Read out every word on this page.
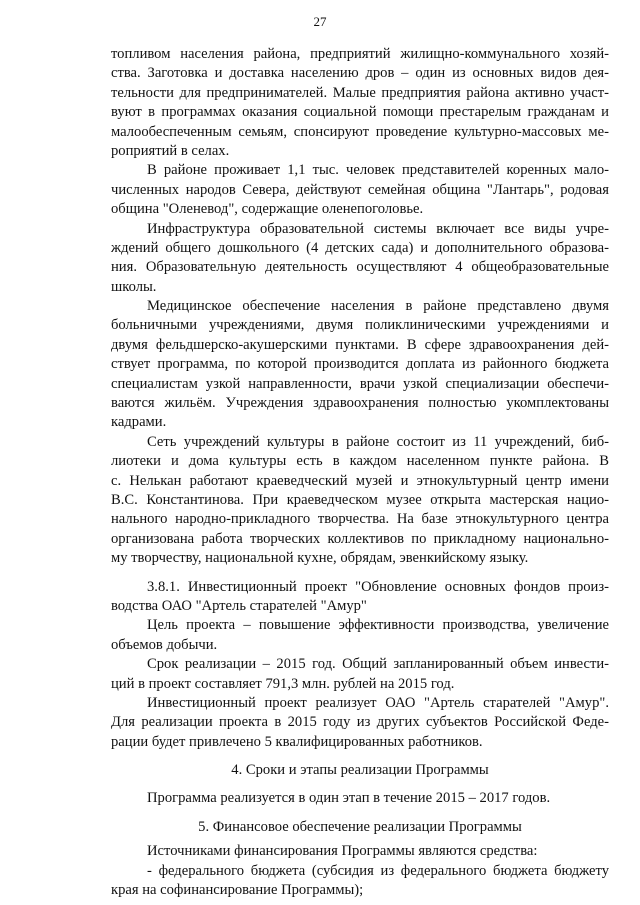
27
топливом населения района, предприятий жилищно-коммунального хозяй-
ства. Заготовка и доставка населению дров – один из основных видов дея-
тельности для предпринимателей. Малые предприятия района активно участ-
вуют в программах оказания социальной помощи престарелым гражданам и
малообеспеченным семьям, спонсируют проведение культурно-массовых ме-
роприятий в селах.
В районе проживает 1,1 тыс. человек представителей коренных мало-
численных народов Севера, действуют семейная община "Лантарь", родовая
община "Оленевод", содержащие оленепоголовье.
Инфраструктура образовательной системы включает все виды учре-
ждений общего дошкольного (4 детских сада) и дополнительного образова-
ния. Образовательную деятельность осуществляют 4 общеобразовательные
школы.
Медицинское обеспечение населения в районе представлено двумя
больничными учреждениями, двумя поликлиническими учреждениями и
двумя фельдшерско-акушерскими пунктами. В сфере здравоохранения дей-
ствует программа, по которой производится доплата из районного бюджета
специалистам узкой направленности, врачи узкой специализации обеспечи-
ваются жильём. Учреждения здравоохранения полностью укомплектованы
кадрами.
Сеть учреждений культуры в районе состоит из 11 учреждений, биб-
лиотеки и дома культуры есть в каждом населенном пункте района. В
с. Нелькан работают краеведческий музей и этнокультурный центр имени
В.С. Константинова. При краеведческом музее открыта мастерская нацио-
нального народно-прикладного творчества. На базе этнокультурного центра
организована работа творческих коллективов по прикладному национально-
му творчеству, национальной кухне, обрядам, эвенкийскому языку.
3.8.1. Инвестиционный проект "Обновление основных фондов произ-
водства ОАО "Артель старателей "Амур"
Цель проекта – повышение эффективности производства, увеличение
объемов добычи.
Срок реализации – 2015 год. Общий запланированный объем инвести-
ций в проект составляет 791,3 млн. рублей на 2015 год.
Инвестиционный проект реализует ОАО "Артель старателей "Амур".
Для реализации проекта в 2015 году из других субъектов Российской Феде-
рации будет привлечено 5 квалифицированных работников.
4. Сроки и этапы реализации Программы
Программа реализуется в один этап в течение 2015 – 2017 годов.
5. Финансовое обеспечение реализации Программы
Источниками финансирования Программы являются средства:
- федерального бюджета (субсидия из федерального бюджета бюджету
края на софинансирование Программы);
